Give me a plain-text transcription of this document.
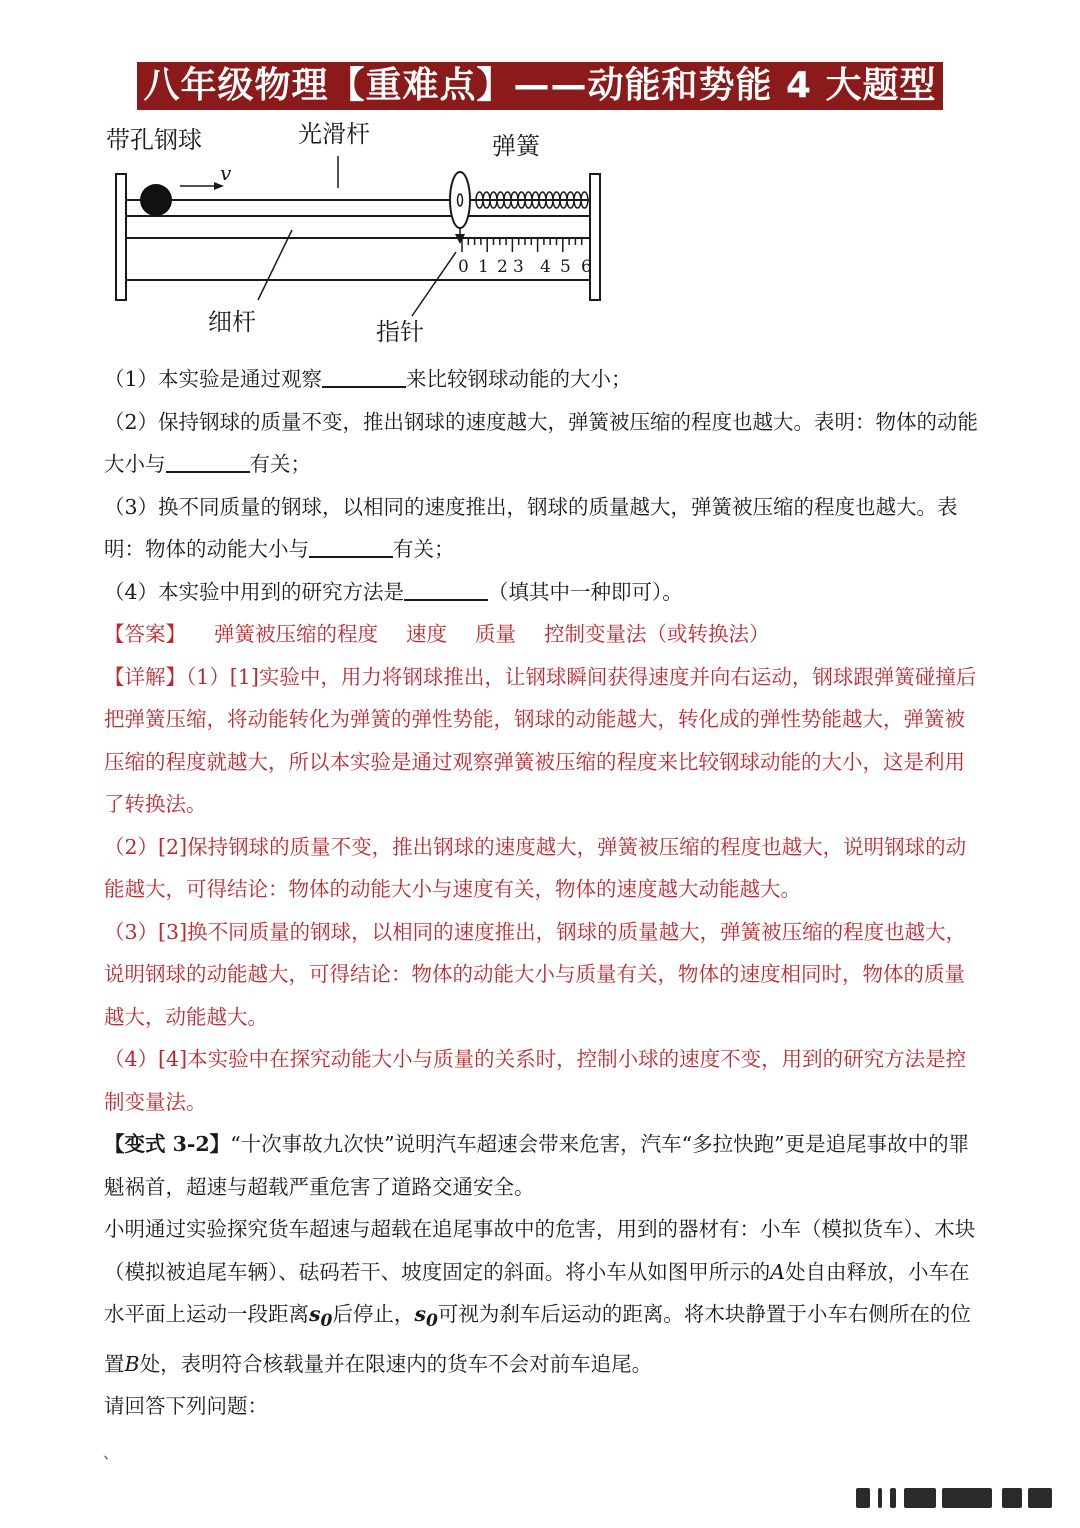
八年级物理【重难点】——动能和势能 4 大题型
0 1 2 3 4 5 6
v
带孔钢球	光滑杆	弹簧
细杆	指针

（1）本实验是通过观察	来比较钢球动能的大小；

（2）保持钢球的质量不变，推出钢球的速度越大，弹簧被压缩的程度也越大。表明：物体的动能大小与	有关；

（3）换不同质量的钢球，以相同的速度推出，钢球的质量越大，弹簧被压缩的程度也越大。表明：物体的动能大小与	有关；

（4）本实验中用到的研究方法是	（填其中一种即可）。

【答案】 弹簧被压缩的程度 速度 质量 控制变量法（或转换法）

【详解】（1）[1]实验中，用力将钢球推出，让钢球瞬间获得速度并向右运动，钢球跟弹簧碰撞后把弹簧压缩，将动能转化为弹簧的弹性势能，钢球的动能越大，转化成的弹性势能越大，弹簧被压缩的程度就越大，所以本实验是通过观察弹簧被压缩的程度来比较钢球动能的大小，这是利用了转换法。

（2）[2]保持钢球的质量不变，推出钢球的速度越大，弹簧被压缩的程度也越大，说明钢球的动能越大，可得结论：物体的动能大小与速度有关，物体的速度越大动能越大。

（3）[3]换不同质量的钢球，以相同的速度推出，钢球的质量越大，弹簧被压缩的程度也越大，说明钢球的动能越大，可得结论：物体的动能大小与质量有关，物体的速度相同时，物体的质量越大，动能越大。

（4）[4]本实验中在探究动能大小与质量的关系时，控制小球的速度不变，用到的研究方法是控制变量法。

【变式 3-2】“十次事故九次快”说明汽车超速会带来危害，汽车“多拉快跑”更是追尾事故中的罪魁祸首，超速与超载严重危害了道路交通安全。

小明通过实验探究货车超速与超载在追尾事故中的危害，用到的器材有：小车（模拟货车）、木块（模拟被追尾车辆）、砝码若干、坡度固定的斜面。将小车从如图甲所示的A处自由释放，小车在水平面上运动一段距离$s_0$后停止，$s_0$可视为刹车后运动的距离。将木块静置于小车右侧所在的位置B处，表明符合核载量并在限速内的货车不会对前车追尾。

请回答下列问题：

、
